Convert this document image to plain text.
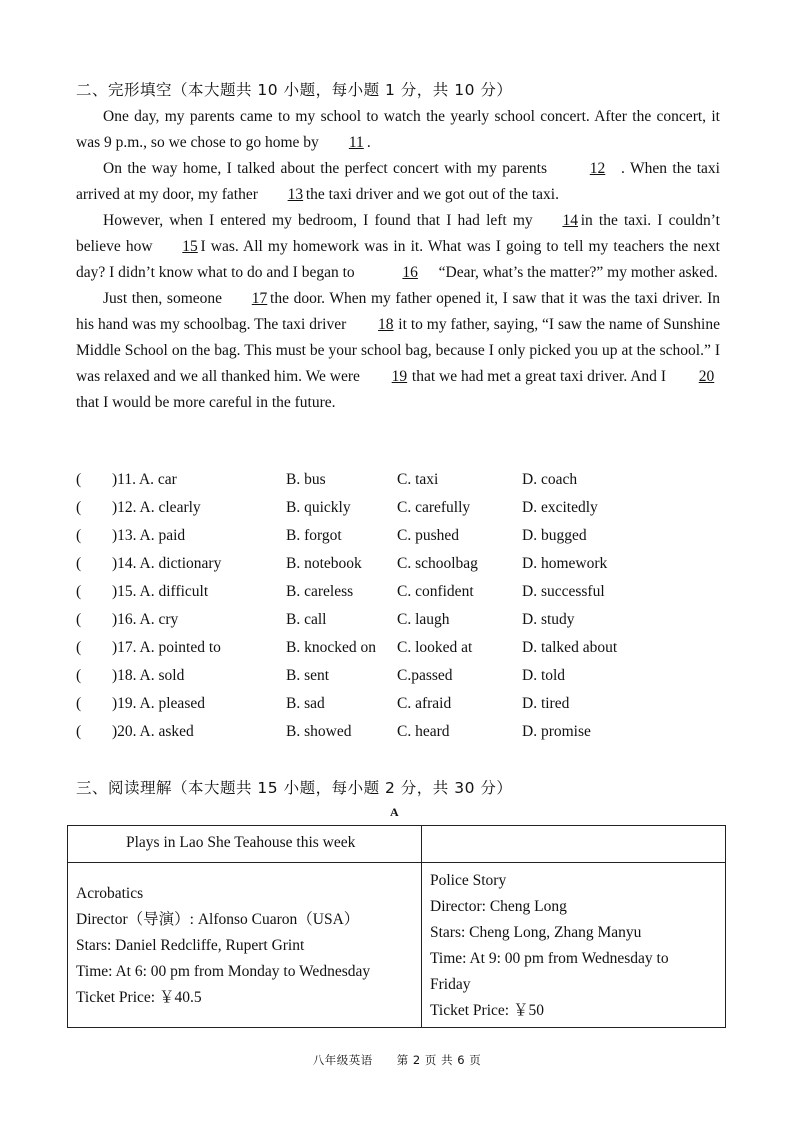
二、完形填空（本大题共 10 小题，每小题 1 分，共 10 分）

One day, my parents came to my school to watch the yearly school concert. After the concert, it was 9 p.m., so we chose to go home by 11 .

On the way home, I talked about the perfect concert with my parents	12 . When the taxi arrived at my door, my father 13 the taxi driver and we got out of the taxi.

However, when I entered my bedroom, I found that I had left my 14 in the taxi. I couldn’t believe how 15 I was. All my homework was in it. What was I going to tell my teachers the next day? I didn’t know what to do and I began to	16 “Dear, what’s the matter?” my mother asked.

Just then, someone 17 the door. When my father opened it, I saw that it was the taxi driver. In his hand was my schoolbag. The taxi driver 18 it to my father, saying, “I saw the name of Sunshine Middle School on the bag. This must be your school bag, because I only picked you up at the school.” I was relaxed and we all thanked him. We were 19 that we had met a great taxi driver. And I 20 that I would be more careful in the future.

( )11. A. car	B. bus	C. taxi	D. coach
( )12. A. clearly	B. quickly	C. carefully	D. excitedly
( )13. A. paid	B. forgot	C. pushed	D. bugged
( )14. A. dictionary	B. notebook C. schoolbag	D. homework
( )15. A. difficult	B. careless	C. confident	D. successful
( )16. A. cry	B. call	C. laugh	D. study
( )17. A. pointed to	B. knocked on C. looked at	D. talked about
( )18. A. sold	B. sent	C.passed	D. told
( )19. A. pleased	B. sad	C. afraid	D. tired
( )20. A. asked	B. showed	C. heard	D. promise
三、阅读理解（本大题共 15 小题，每小题 2 分，共 30 分）
A
Plays in Lao She Teahouse this week
Acrobatics
Director（导演）: Alfonso Cuaron（USA）
Stars: Daniel Redcliffe, Rupert Grint
Time: At 6: 00 pm from Monday to Wednesday
Ticket Price: ￥40.5
Police Story
Director: Cheng Long
Stars: Cheng Long, Zhang Manyu
Time: At 9: 00 pm from Wednesday to
Friday
Ticket Price: ￥50
八年级英语　　第 2 页 共 6 页
